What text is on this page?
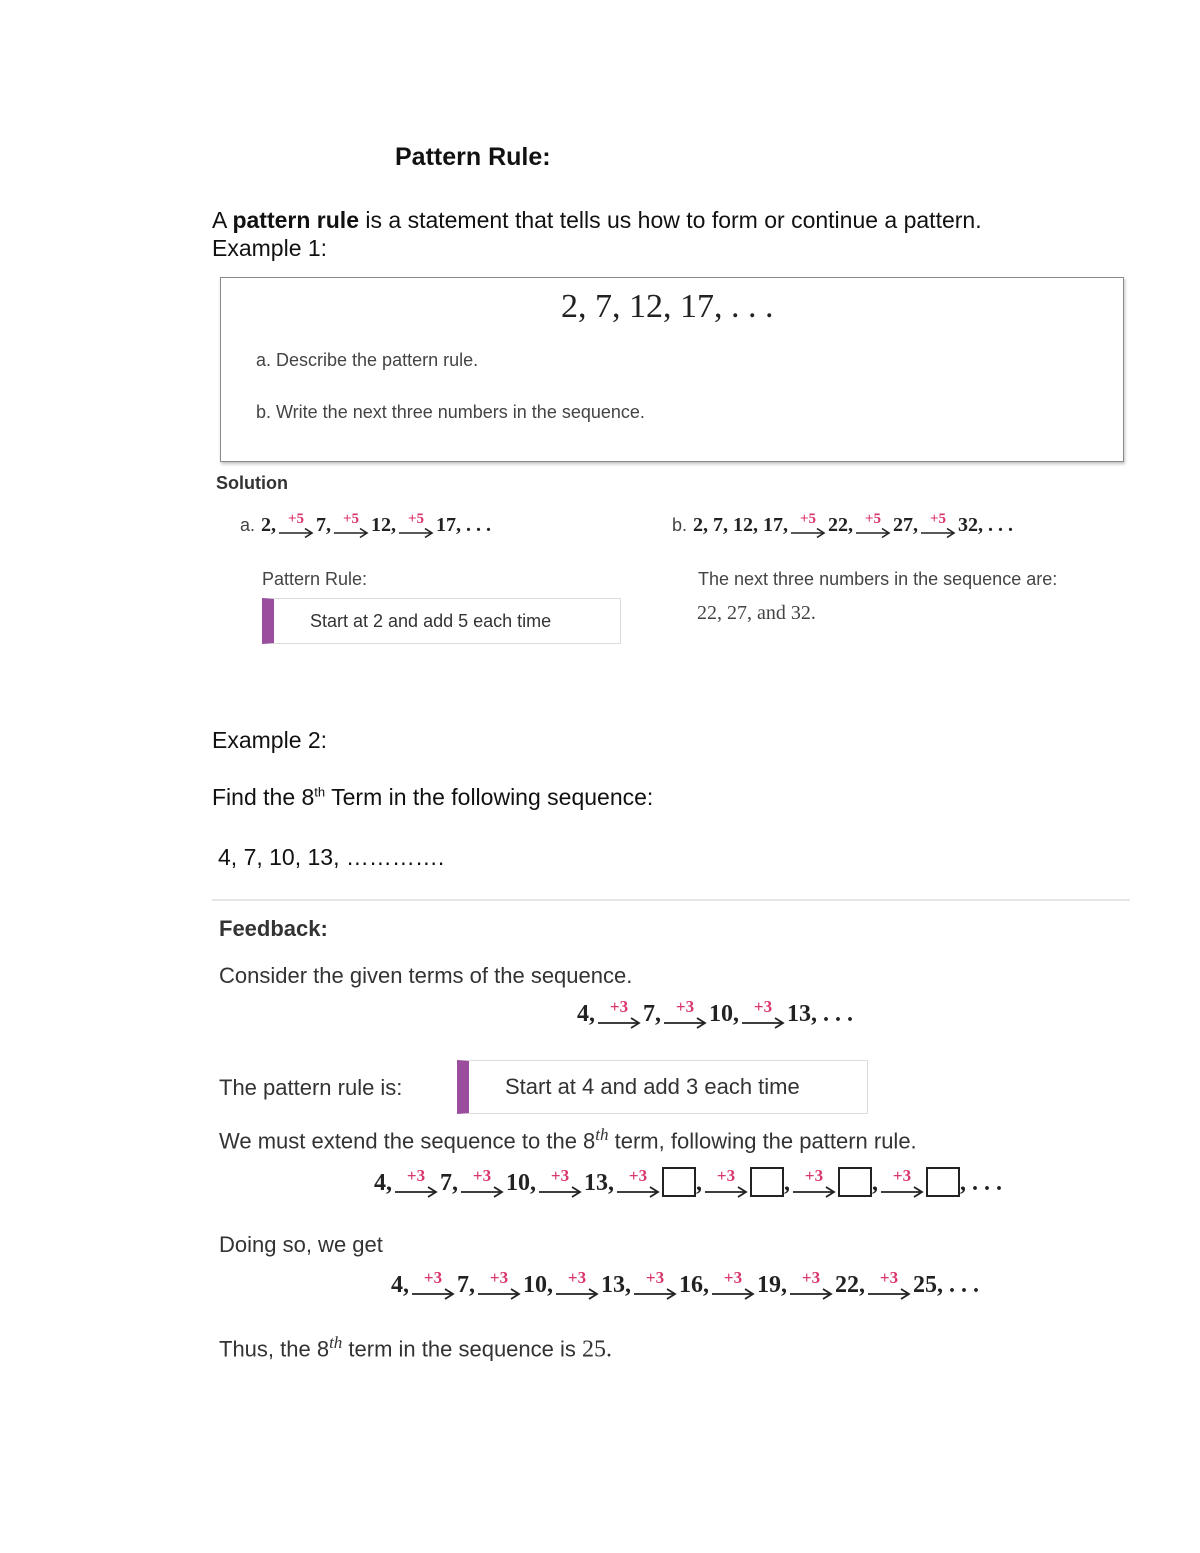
Pattern Rule:
A pattern rule is a statement that tells us how to form or continue a pattern.
Example 1:
2, 7, 12, 17, . . .
a. Describe the pattern rule.
b. Write the next three numbers in the sequence.
Solution
a. 2, +5 7, +5 12, +5 17, . . .
Pattern Rule:
Start at 2 and add 5 each time
b. 2, 7, 12, 17, +5 22, +5 27, +5 32, . . .
The next three numbers in the sequence are:
22, 27, and 32.
Example 2:
Find the 8th Term in the following sequence:
4, 7, 10, 13, ………….
Feedback:
Consider the given terms of the sequence.
4, +3 7, +3 10, +3 13, . . .
The pattern rule is:	Start at 4 and add 3 each time
We must extend the sequence to the 8th term, following the pattern rule.
4, +3 7, +3 10, +3 13, +3 , +3 , +3 , +3 , . . .
Doing so, we get
4, +3 7, +3 10, +3 13, +3 16, +3 19, +3 22, +3 25, . . .
Thus, the 8th term in the sequence is 25.
